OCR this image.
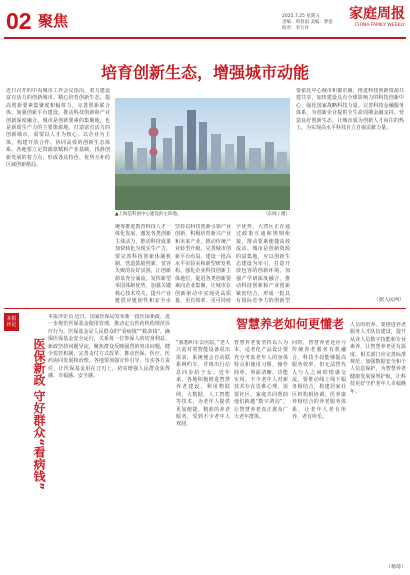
02 聚焦	2025.7.25 星期五
责编：周春雨 美编：梦思
校对：李万祥
家庭周报
CHINA FAMILY WEEKLY
培育创新生态，增强城市动能
近日召开的中央城市工作会议指出，着力建设富有活力的创新城市。精心培育创新生态，提高创新要素集聚度和辐射力，完善创新联合体，加强创新平台建设，推动科技创新和产业创新深度融合。城市是创新要素的集聚地，也是新质生产力的主要策源地。打造富有活力的创新城市，需要以人才为核心，以企业为主体，构建开放合作、协同高效的创新生态体系。各地要立足资源禀赋和产业基础，找准创新发展的着力点，形成各具特色、优势互补的区域创新格局。
▲上海是科创中心建设的主阵地。	（东网 / 摄）
统筹推进教育科技人才一体化发展，激发各类创新主体活力，推动科技成果加快转化为现实生产力。要完善科技创新体制机制，营造鼓励创新、宽容失败的良好氛围，让创新源泉充分涌流。发挥新型举国体制优势，加强关键核心技术攻关，提升产业链供应链韧性和安全水
坚持以科技创新引领产业创新，积极培育新兴产业和未来产业，推动传统产业转型升级。完善城市创新平台布局，建设一批高水平实验室和新型研发机构，强化企业科技创新主体地位，促进各类创新要素向企业集聚，让城市在创新驱动中实现更高质量、更有效率、更可持续
字优势，大湾区正在通过政策互通和规则衔接，推动要素便捷高效流动。城市是创新资源的富集地，应以创新生态建设为牵引，打造开放包容的创新环境。加强产学研深度融合，推动科技创新和产业创新紧密结合，形成一批具有国际竞争力的创新型
要依托中心城市和都市圈，推进科技创新资源共建共享，加快建设具有全球影响力的科技创新中心，强化国家战略科技力量。完善科技金融服务体系，为创新企业提供全生命周期金融支持。营造良好创新生态，让城市成为创新人才向往的热土，为实现高水平科技自立自强贡献力量。
（据人民网）
本报
评论
医保新政 守好群众“看病钱”
本报评论员 近日，国家医保局发布新一批医保新政，进一步规范医保基金使用管理，推动定点医药机构规范诊疗行为。医保基金是人民群众的“看病钱”“救命钱”，确保医保基金安全运行，关系每一位参保人的切身利益。新政坚持问题导向，聚焦群众反映强烈的突出问题，健全监管机制，完善支付方式改革，推动医保、医疗、医药协同发展和治理。各地要加强宣传引导，压实各方责任，让医保基金用在刀刃上，切实增强人民群众获得感、幸福感、安全感。
智慧养老如何更懂老
“我想叫车去医院。”老人只需对着智能设备说出需求，系统便会自动联系网约车，并将出行信息同步给子女。近年来，各地积极推进智慧养老建设，利用物联网、大数据、人工智能等技术，为老年人提供更加便捷、精准的养老服务，受到不少老年人欢迎。
智慧养老要坚持以人为本。适老化产品设计要充分考虑老年人的身体特点和使用习惯，操作简单、界面清晰、功能实用。不少老年人对新技术存在畏难心理，需要社区、家庭共同帮助他们跨越“数字鸿沟”，让智慧养老真正惠及广大老年群体。
同时，智慧养老还应与传统养老服务有机融合。科技手段能够提高服务效率，但无法替代人与人之间的情感交流。要推动线上线下服务相结合，构建居家社区机构相协调、医养康养相结合的养老服务体系，让老年人老有所养、老有所乐。
人员的培养。要推进养老服务人才队伍建设，提升从业人员数字技能和专业素养，让智慧养老更有温度。相关部门应完善标准规范，加强数据安全和个人信息保护，为智慧养老健康发展保驾护航，让科技更好守护老年人幸福晚年。
（杨琦）
